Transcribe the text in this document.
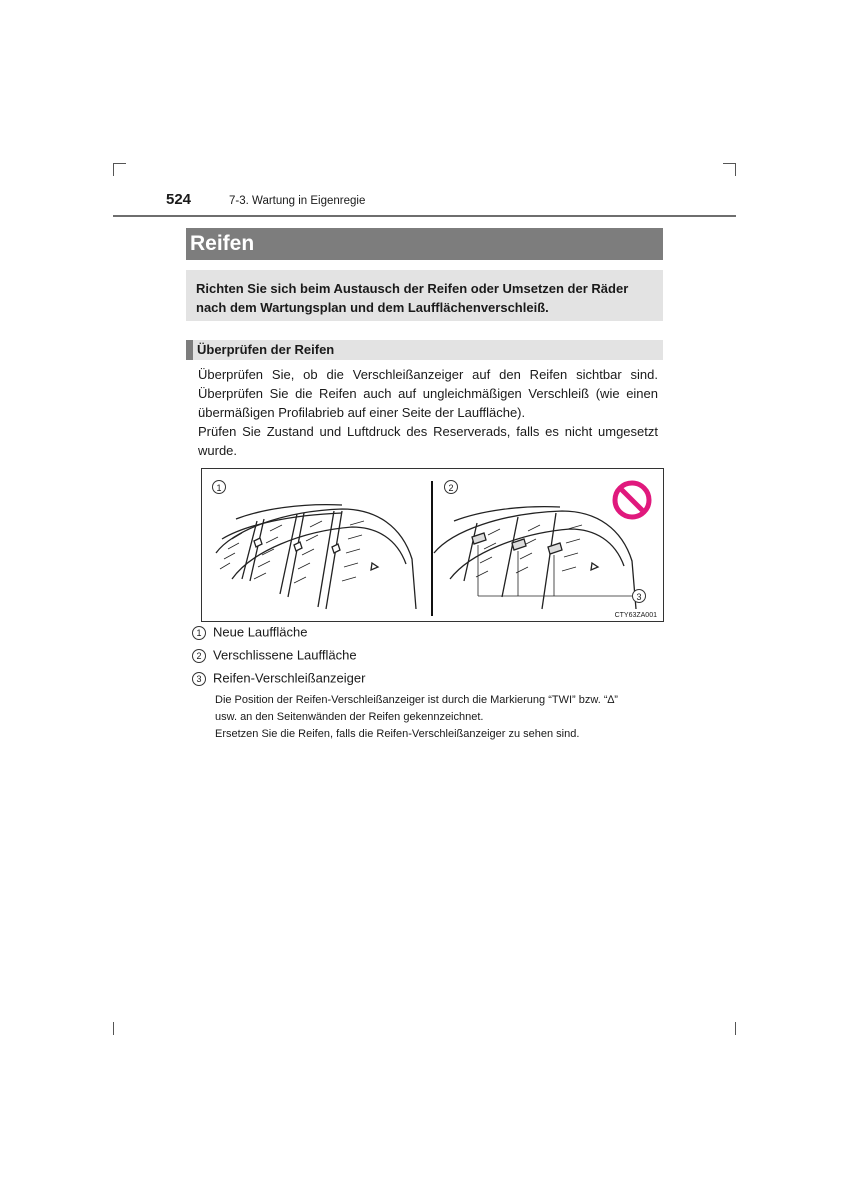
524	7-3. Wartung in Eigenregie
Reifen
Richten Sie sich beim Austausch der Reifen oder Umsetzen der Räder
nach dem Wartungsplan und dem Laufflächenverschleiß.
Überprüfen der Reifen

Überprüfen Sie, ob die Verschleißanzeiger auf den Reifen sichtbar sind.

Überprüfen Sie die Reifen auch auf ungleichmäßigen Verschleiß (wie einen

übermäßigen Profilabrieb auf einer Seite der Lauffläche).

Prüfen Sie Zustand und Luftdruck des Reserverads, falls es nicht umgesetzt

wurde.

1	2
3
CTY63ZA001
1 Neue Lauffläche
2 Verschlissene Lauffläche
3 Reifen-Verschleißanzeiger
Die Position der Reifen-Verschleißanzeiger ist durch die Markierung “TWI” bzw. “∆”
usw. an den Seitenwänden der Reifen gekennzeichnet.
Ersetzen Sie die Reifen, falls die Reifen-Verschleißanzeiger zu sehen sind.
